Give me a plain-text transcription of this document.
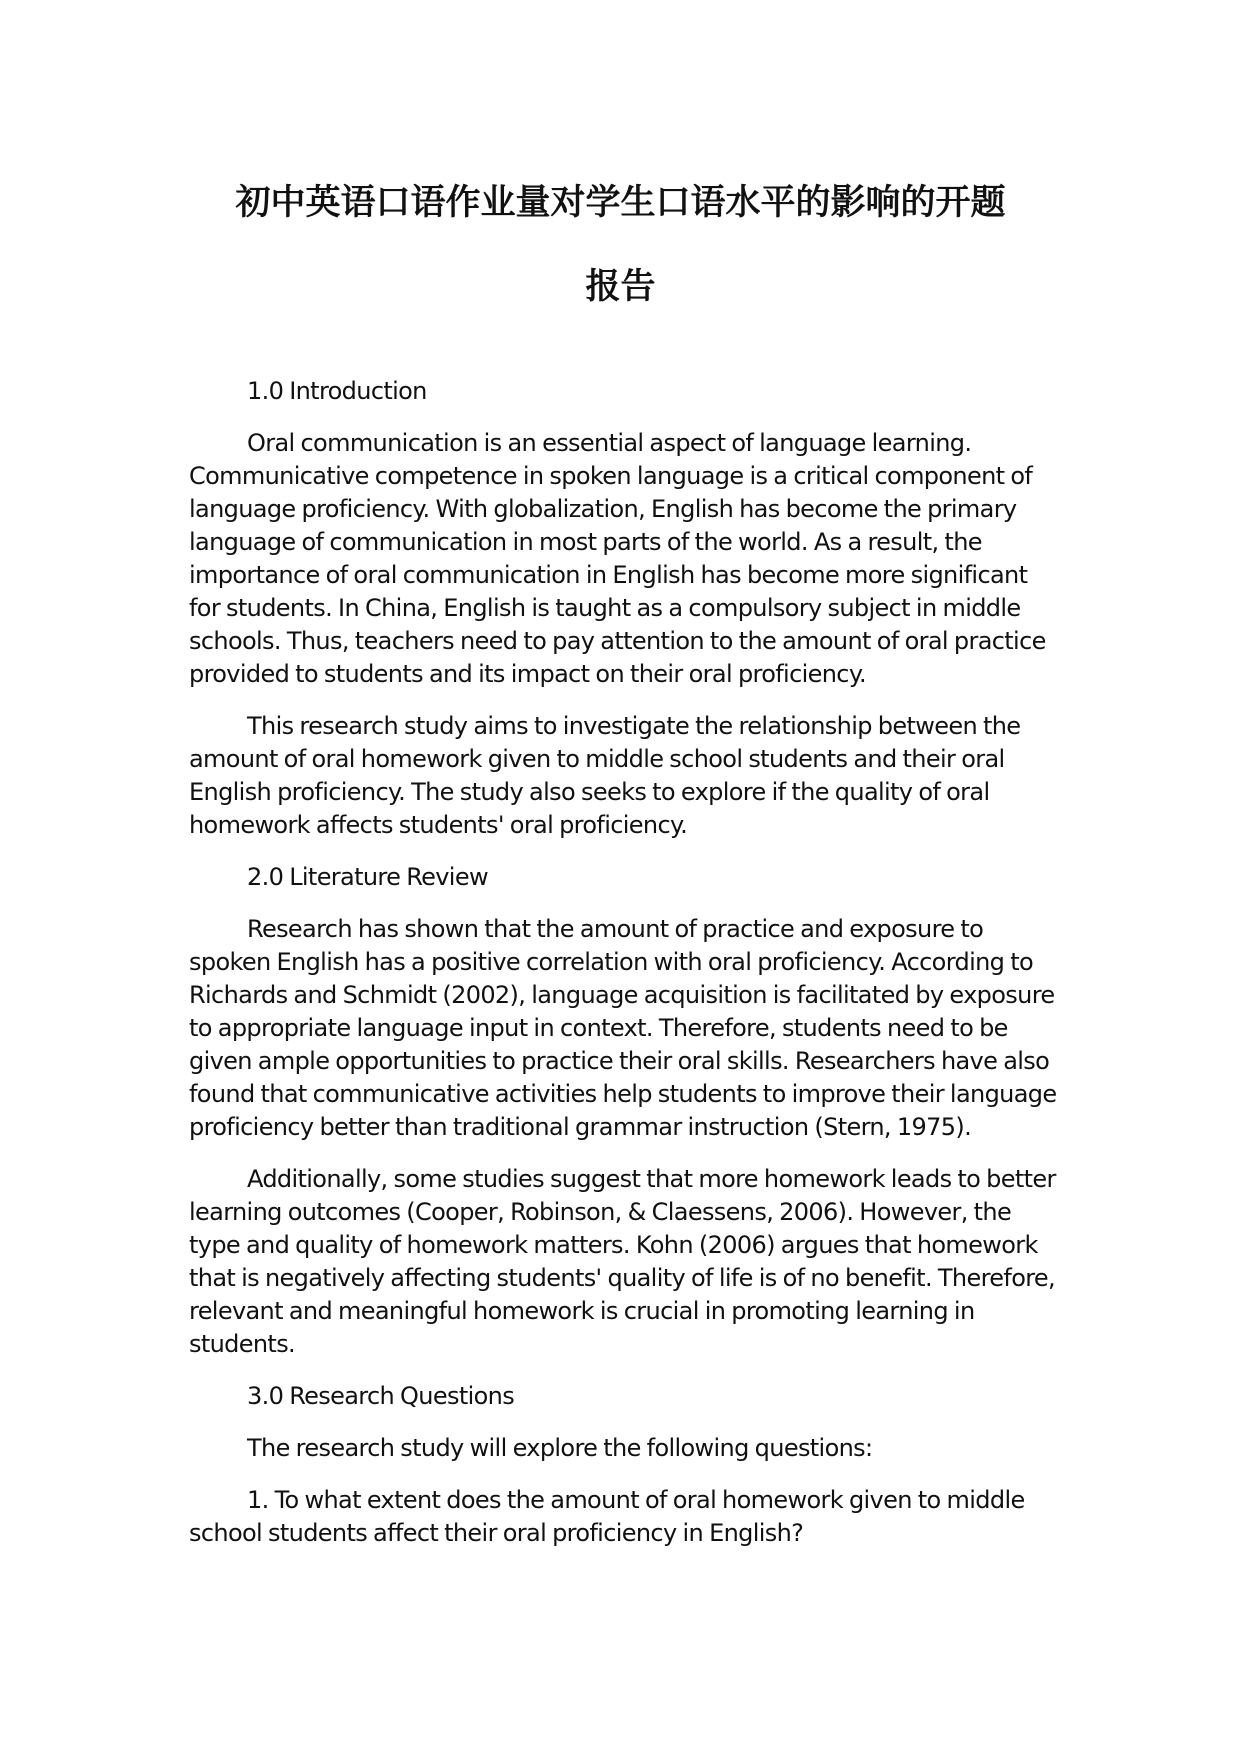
初中英语口语作业量对学生口语水平的影响的开题
报告

1.0 Introduction

Oral communication is an essential aspect of language learning. Communicative competence in spoken language is a critical component of language proficiency. With globalization, English has become the primary language of communication in most parts of the world. As a result, the importance of oral communication in English has become more significant for students. In China, English is taught as a compulsory subject in middle schools. Thus, teachers need to pay attention to the amount of oral practice provided to students and its impact on their oral proficiency.

This research study aims to investigate the relationship between the amount of oral homework given to middle school students and their oral English proficiency. The study also seeks to explore if the quality of oral homework affects students' oral proficiency.

2.0 Literature Review

Research has shown that the amount of practice and exposure to spoken English has a positive correlation with oral proficiency. According to Richards and Schmidt (2002), language acquisition is facilitated by exposure to appropriate language input in context. Therefore, students need to be given ample opportunities to practice their oral skills. Researchers have also found that communicative activities help students to improve their language proficiency better than traditional grammar instruction (Stern, 1975).

Additionally, some studies suggest that more homework leads to better learning outcomes (Cooper, Robinson, & Claessens, 2006). However, the type and quality of homework matters. Kohn (2006) argues that homework that is negatively affecting students' quality of life is of no benefit. Therefore, relevant and meaningful homework is crucial in promoting learning in students.

3.0 Research Questions

The research study will explore the following questions:

1. To what extent does the amount of oral homework given to middle school students affect their oral proficiency in English?
